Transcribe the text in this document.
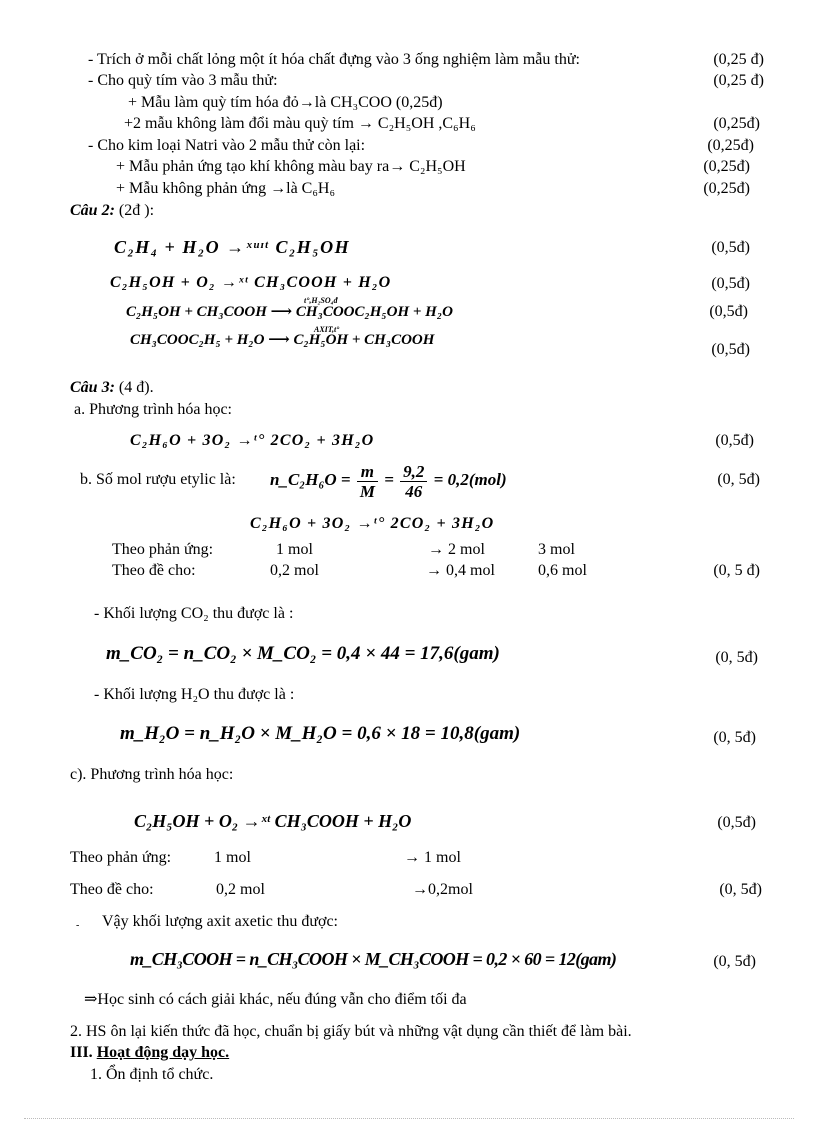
- Trích ở mỗi chất lỏng một ít hóa chất đựng vào 3 ống nghiệm làm mẫu thử:	(0,25 đ)
- Cho quỳ tím vào 3 mẫu thử:	(0,25 đ)
+ Mẫu làm quỳ tím hóa đỏ→là CH₃COO (0,25đ)
+2 mẫu không làm đổi màu quỳ tím → C₂H₅OH ,C₆H₆	(0,25đ)
- Cho kim loại Natri vào 2 mẫu thử còn lại:	(0,25đ)
+ Mẫu phản ứng tạo khí không màu bay ra→ C₂H₅OH	(0,25đ)
+ Mẫu không phản ứng →là C₆H₆	(0,25đ)
Câu 2: (2đ ):
C₂H₄ + H₂O →ˣᵘᶦᵗ C₂H₅OH	(0,5đ)
C₂H₅OH + O₂ →ˣᵗ CH₃COOH + H₂O	(0,5đ)
C₂H₅OH + CH₃COOH ⟶ CH₃COOC₂H₅OH + H₂O
t°,H₂SO₄đ
(0,5đ)
CH₃COOC₂H₅ + H₂O ⟶ C₂H₅OH + CH₃COOH
AXIT,t°
(0,5đ)
Câu 3: (4 đ).
a. Phương trình hóa học:
C₂H₆O + 3O₂ →ᵗ° 2CO₂ + 3H₂O	(0,5đ)
b. Số mol rượu etylic là: n_C₂H₆O = $\frac{m}{M} = \frac{9,2}{46} = 0,2(mol)$	(0, 5đ)
C₂H₆O + 3O₂ →ᵗ° 2CO₂ + 3H₂O
Theo phản ứng:	1 mol	→ 2 mol	3 mol
Theo đề cho:	0,2 mol	→ 0,4 mol	0,6 mol	(0, 5 đ)
- Khối lượng CO₂ thu được là :
m_CO₂ = n_CO₂ × M_CO₂ = 0,4 × 44 = 17,6(gam)	(0, 5đ)
- Khối lượng H₂O thu được là :
m_H₂O = n_H₂O × M_H₂O = 0,6 × 18 = 10,8(gam)	(0, 5đ)
c). Phương trình hóa học:
C₂H₅OH + O₂ →ˣᵗ CH₃COOH + H₂O	(0,5đ)
Theo phản ứng:	1 mol	→ 1 mol
Theo đề cho:	0,2 mol	→0,2mol	(0, 5đ)
- Vậy khối lượng axit axetic thu được:
m_CH₃COOH = n_CH₃COOH × M_CH₃COOH = 0,2 × 60 = 12(gam)	(0, 5đ)
⇒Học sinh có cách giải khác, nếu đúng vẫn cho điểm tối đa
2. HS ôn lại kiến thức đã học, chuẩn bị giấy bút và những vật dụng cần thiết để làm bài.
III. Hoạt động dạy học.
1. Ổn định tổ chức.
